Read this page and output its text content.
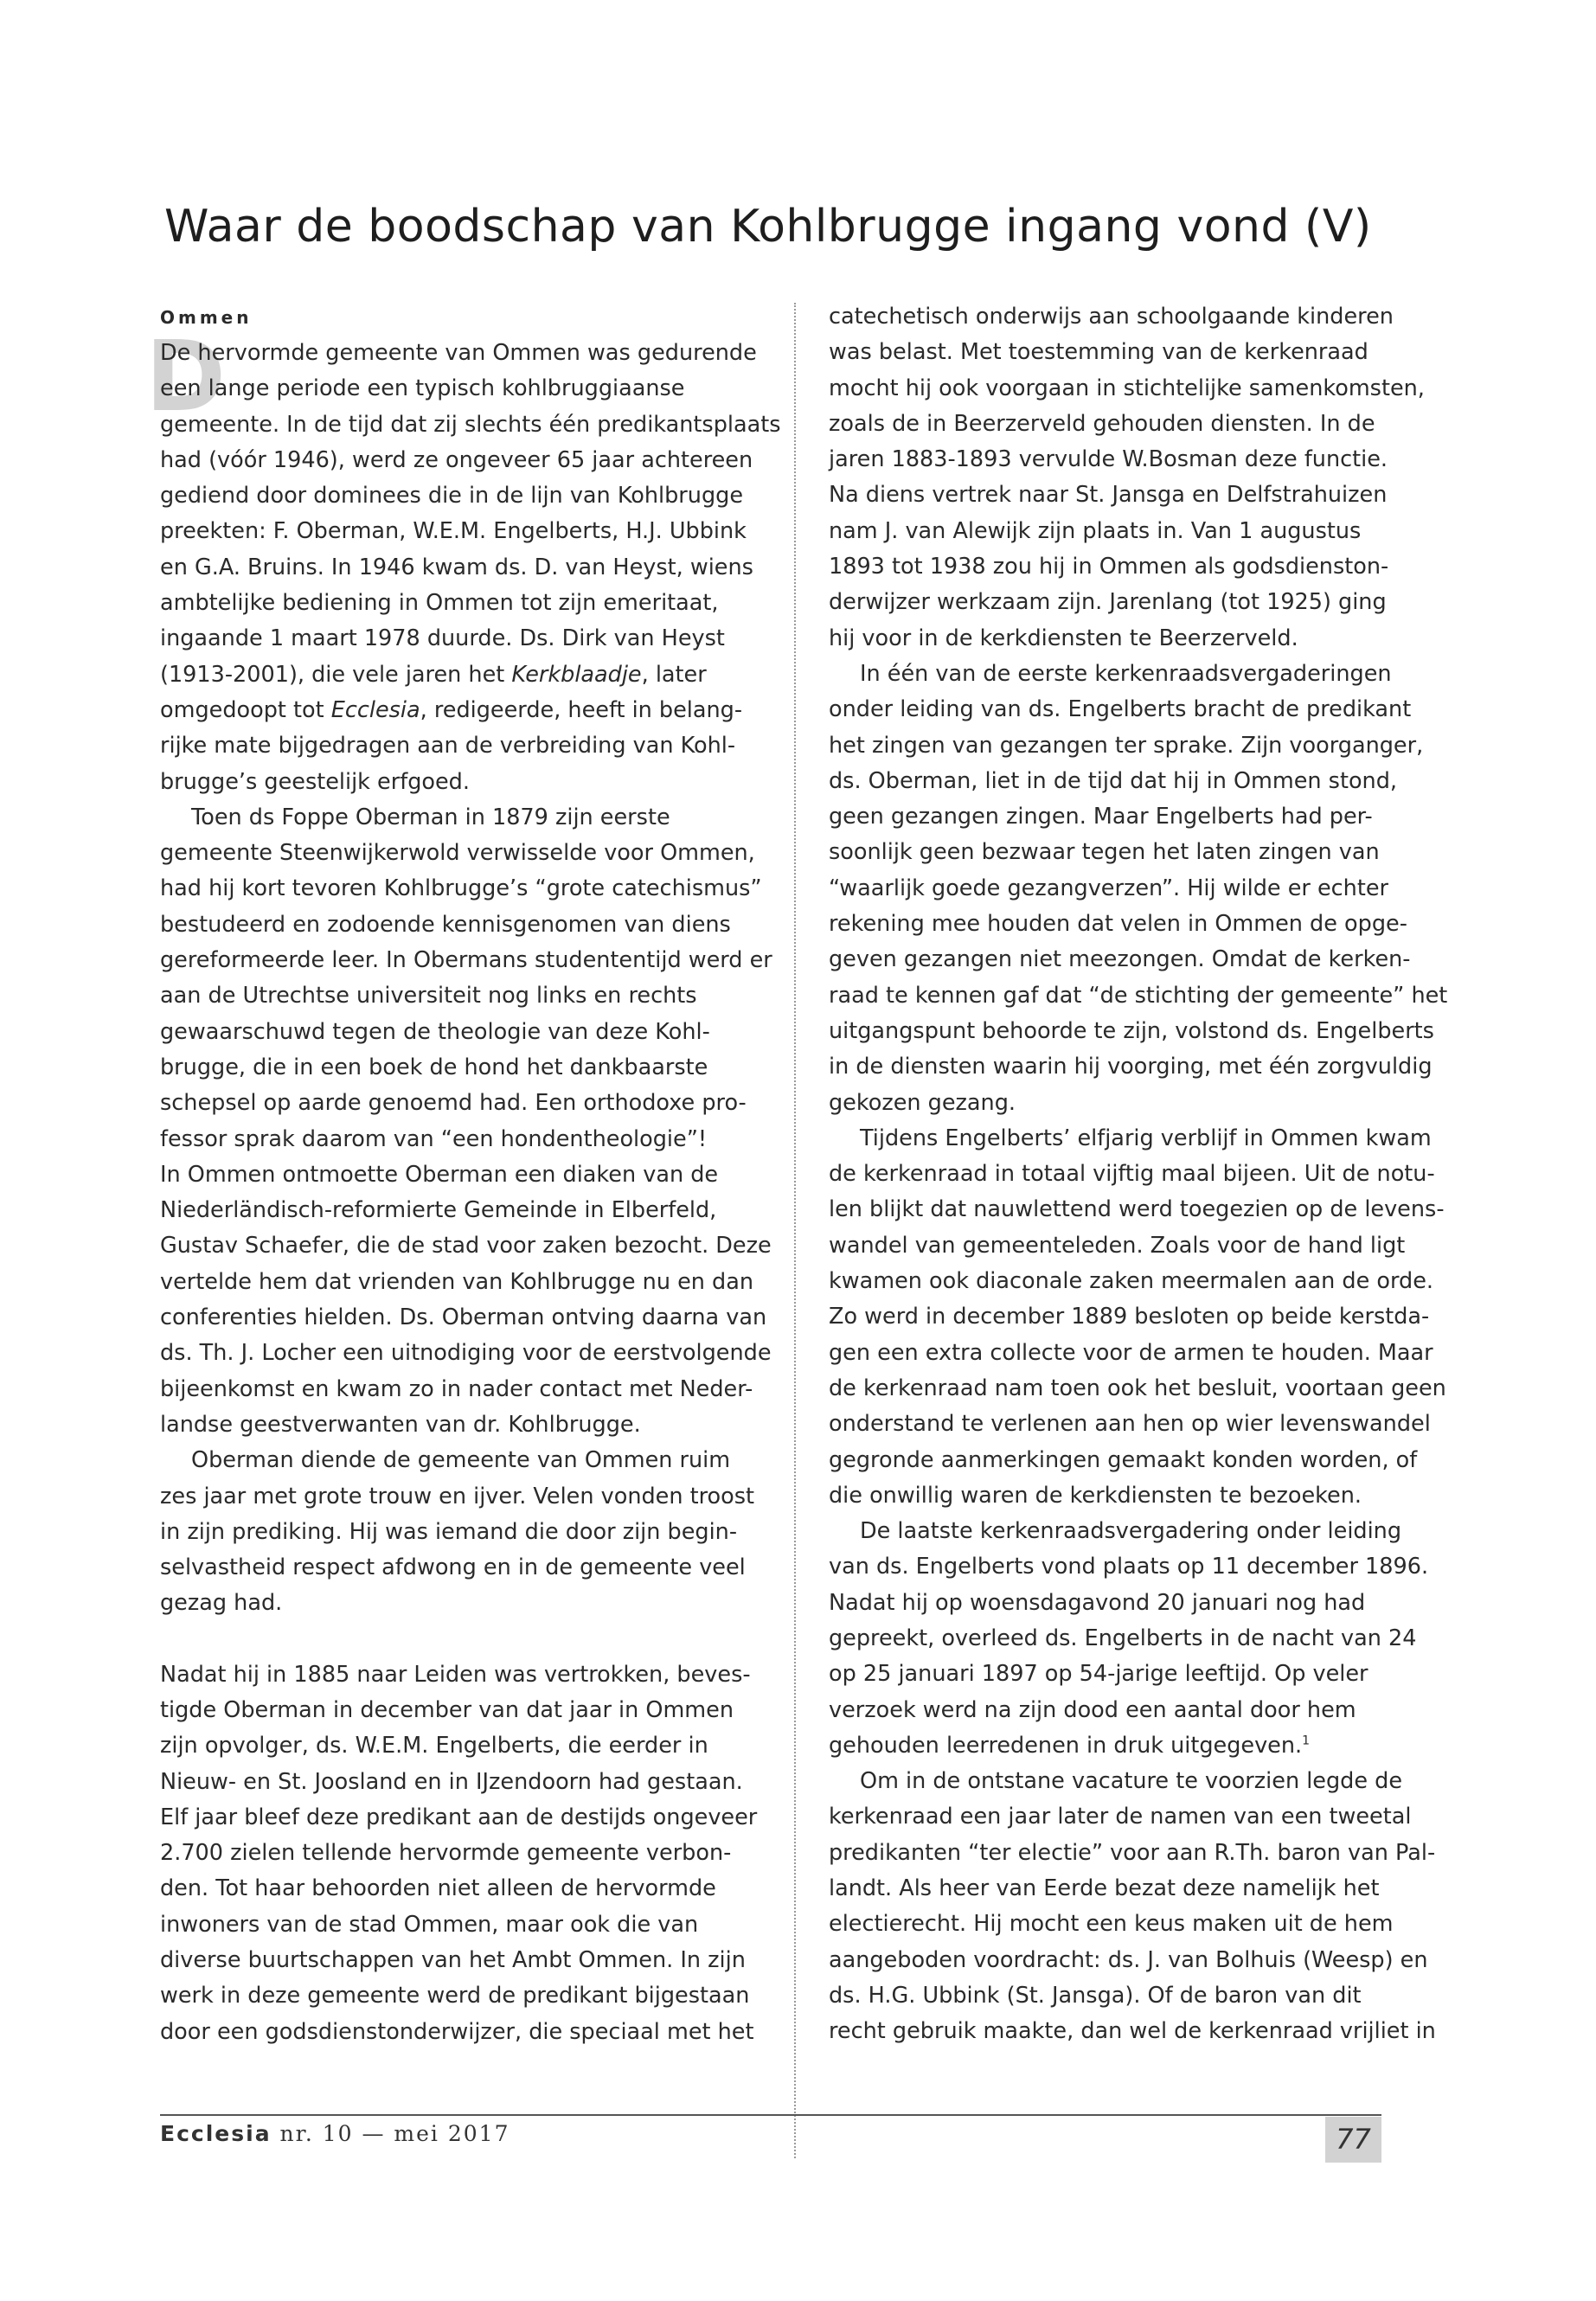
Waar de boodschap van Kohlbrugge ingang vond (V)
D
Ommen
De hervormde gemeente van Ommen was gedurende
een lange periode een typisch kohlbruggiaanse
gemeente. In de tijd dat zij slechts één predikantsplaats
had (vóór 1946), werd ze ongeveer 65 jaar achtereen
gediend door dominees die in de lijn van Kohlbrugge
preekten: F. Oberman, W.E.M. Engelberts, H.J. Ubbink
en G.A. Bruins. In 1946 kwam ds. D. van Heyst, wiens
ambtelijke bediening in Ommen tot zijn emeritaat,
ingaande 1 maart 1978 duurde. Ds. Dirk van Heyst
(1913-2001), die vele jaren het Kerkblaadje, later
omgedoopt tot Ecclesia, redigeerde, heeft in belang-
rijke mate bijgedragen aan de verbreiding van Kohl-
brugge’s geestelijk erfgoed.
Toen ds Foppe Oberman in 1879 zijn eerste
gemeente Steenwijkerwold verwisselde voor Ommen,
had hij kort tevoren Kohlbrugge’s “grote catechismus”
bestudeerd en zodoende kennisgenomen van diens
gereformeerde leer. In Obermans studententijd werd er
aan de Utrechtse universiteit nog links en rechts
gewaarschuwd tegen de theologie van deze Kohl-
brugge, die in een boek de hond het dankbaarste
schepsel op aarde genoemd had. Een orthodoxe pro-
fessor sprak daarom van “een hondentheologie”!
In Ommen ontmoette Oberman een diaken van de
Niederländisch-reformierte Gemeinde in Elberfeld,
Gustav Schaefer, die de stad voor zaken bezocht. Deze
vertelde hem dat vrienden van Kohlbrugge nu en dan
conferenties hielden. Ds. Oberman ontving daarna van
ds. Th. J. Locher een uitnodiging voor de eerstvolgende
bijeenkomst en kwam zo in nader contact met Neder-
landse geestverwanten van dr. Kohlbrugge.
Oberman diende de gemeente van Ommen ruim
zes jaar met grote trouw en ijver. Velen vonden troost
in zijn prediking. Hij was iemand die door zijn begin-
selvastheid respect afdwong en in de gemeente veel
gezag had.
Nadat hij in 1885 naar Leiden was vertrokken, beves-
tigde Oberman in december van dat jaar in Ommen
zijn opvolger, ds. W.E.M. Engelberts, die eerder in
Nieuw- en St. Joosland en in IJzendoorn had gestaan.
Elf jaar bleef deze predikant aan de destijds ongeveer
2.700 zielen tellende hervormde gemeente verbon-
den. Tot haar behoorden niet alleen de hervormde
inwoners van de stad Ommen, maar ook die van
diverse buurtschappen van het Ambt Ommen. In zijn
werk in deze gemeente werd de predikant bijgestaan
door een godsdienstonderwijzer, die speciaal met het
catechetisch onderwijs aan schoolgaande kinderen
was belast. Met toestemming van de kerkenraad
mocht hij ook voorgaan in stichtelijke samenkomsten,
zoals de in Beerzerveld gehouden diensten. In de
jaren 1883-1893 vervulde W.Bosman deze functie.
Na diens vertrek naar St. Jansga en Delfstrahuizen
nam J. van Alewijk zijn plaats in. Van 1 augustus
1893 tot 1938 zou hij in Ommen als godsdienston-
derwijzer werkzaam zijn. Jarenlang (tot 1925) ging
hij voor in de kerkdiensten te Beerzerveld.
In één van de eerste kerkenraadsvergaderingen
onder leiding van ds. Engelberts bracht de predikant
het zingen van gezangen ter sprake. Zijn voorganger,
ds. Oberman, liet in de tijd dat hij in Ommen stond,
geen gezangen zingen. Maar Engelberts had per-
soonlijk geen bezwaar tegen het laten zingen van
“waarlijk goede gezangverzen”. Hij wilde er echter
rekening mee houden dat velen in Ommen de opge-
geven gezangen niet meezongen. Omdat de kerken-
raad te kennen gaf dat “de stichting der gemeente” het
uitgangspunt behoorde te zijn, volstond ds. Engelberts
in de diensten waarin hij voorging, met één zorgvuldig
gekozen gezang.
Tijdens Engelberts’ elfjarig verblijf in Ommen kwam
de kerkenraad in totaal vijftig maal bijeen. Uit de notu-
len blijkt dat nauwlettend werd toegezien op de levens-
wandel van gemeenteleden. Zoals voor de hand ligt
kwamen ook diaconale zaken meermalen aan de orde.
Zo werd in december 1889 besloten op beide kerstda-
gen een extra collecte voor de armen te houden. Maar
de kerkenraad nam toen ook het besluit, voortaan geen
onderstand te verlenen aan hen op wier levenswandel
gegronde aanmerkingen gemaakt konden worden, of
die onwillig waren de kerkdiensten te bezoeken.
De laatste kerkenraadsvergadering onder leiding
van ds. Engelberts vond plaats op 11 december 1896.
Nadat hij op woensdagavond 20 januari nog had
gepreekt, overleed ds. Engelberts in de nacht van 24
op 25 januari 1897 op 54-jarige leeftijd. Op veler
verzoek werd na zijn dood een aantal door hem
gehouden leerredenen in druk uitgegeven.$^1$
Om in de ontstane vacature te voorzien legde de
kerkenraad een jaar later de namen van een tweetal
predikanten “ter electie” voor aan R.Th. baron van Pal-
landt. Als heer van Eerde bezat deze namelijk het
electierecht. Hij mocht een keus maken uit de hem
aangeboden voordracht: ds. J. van Bolhuis (Weesp) en
ds. H.G. Ubbink (St. Jansga). Of de baron van dit
recht gebruik maakte, dan wel de kerkenraad vrijliet in
Ecclesia nr. 10 — mei 2017	77
